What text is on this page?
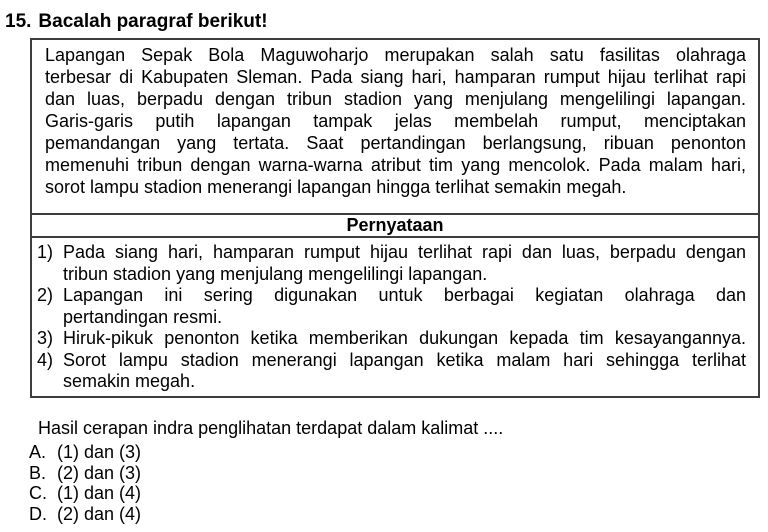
15. Bacalah paragraf berikut!
Lapangan Sepak Bola Maguwoharjo merupakan salah satu fasilitas olahraga
terbesar di Kabupaten Sleman. Pada siang hari, hamparan rumput hijau terlihat rapi
dan luas, berpadu dengan tribun stadion yang menjulang mengelilingi lapangan.
Garis-garis putih lapangan tampak jelas membelah rumput, menciptakan
pemandangan yang tertata. Saat pertandingan berlangsung, ribuan penonton
memenuhi tribun dengan warna-warna atribut tim yang mencolok. Pada malam hari,
sorot lampu stadion menerangi lapangan hingga terlihat semakin megah.
Pernyataan
1) Pada siang hari, hamparan rumput hijau terlihat rapi dan luas, berpadu dengan
tribun stadion yang menjulang mengelilingi lapangan.
2) Lapangan ini sering digunakan untuk berbagai kegiatan olahraga dan
pertandingan resmi.
3) Hiruk-pikuk penonton ketika memberikan dukungan kepada tim kesayangannya.
4) Sorot lampu stadion menerangi lapangan ketika malam hari sehingga terlihat
semakin megah.
Hasil cerapan indra penglihatan terdapat dalam kalimat ....
A. (1) dan (3)
B. (2) dan (3)
C. (1) dan (4)
D. (2) dan (4)
